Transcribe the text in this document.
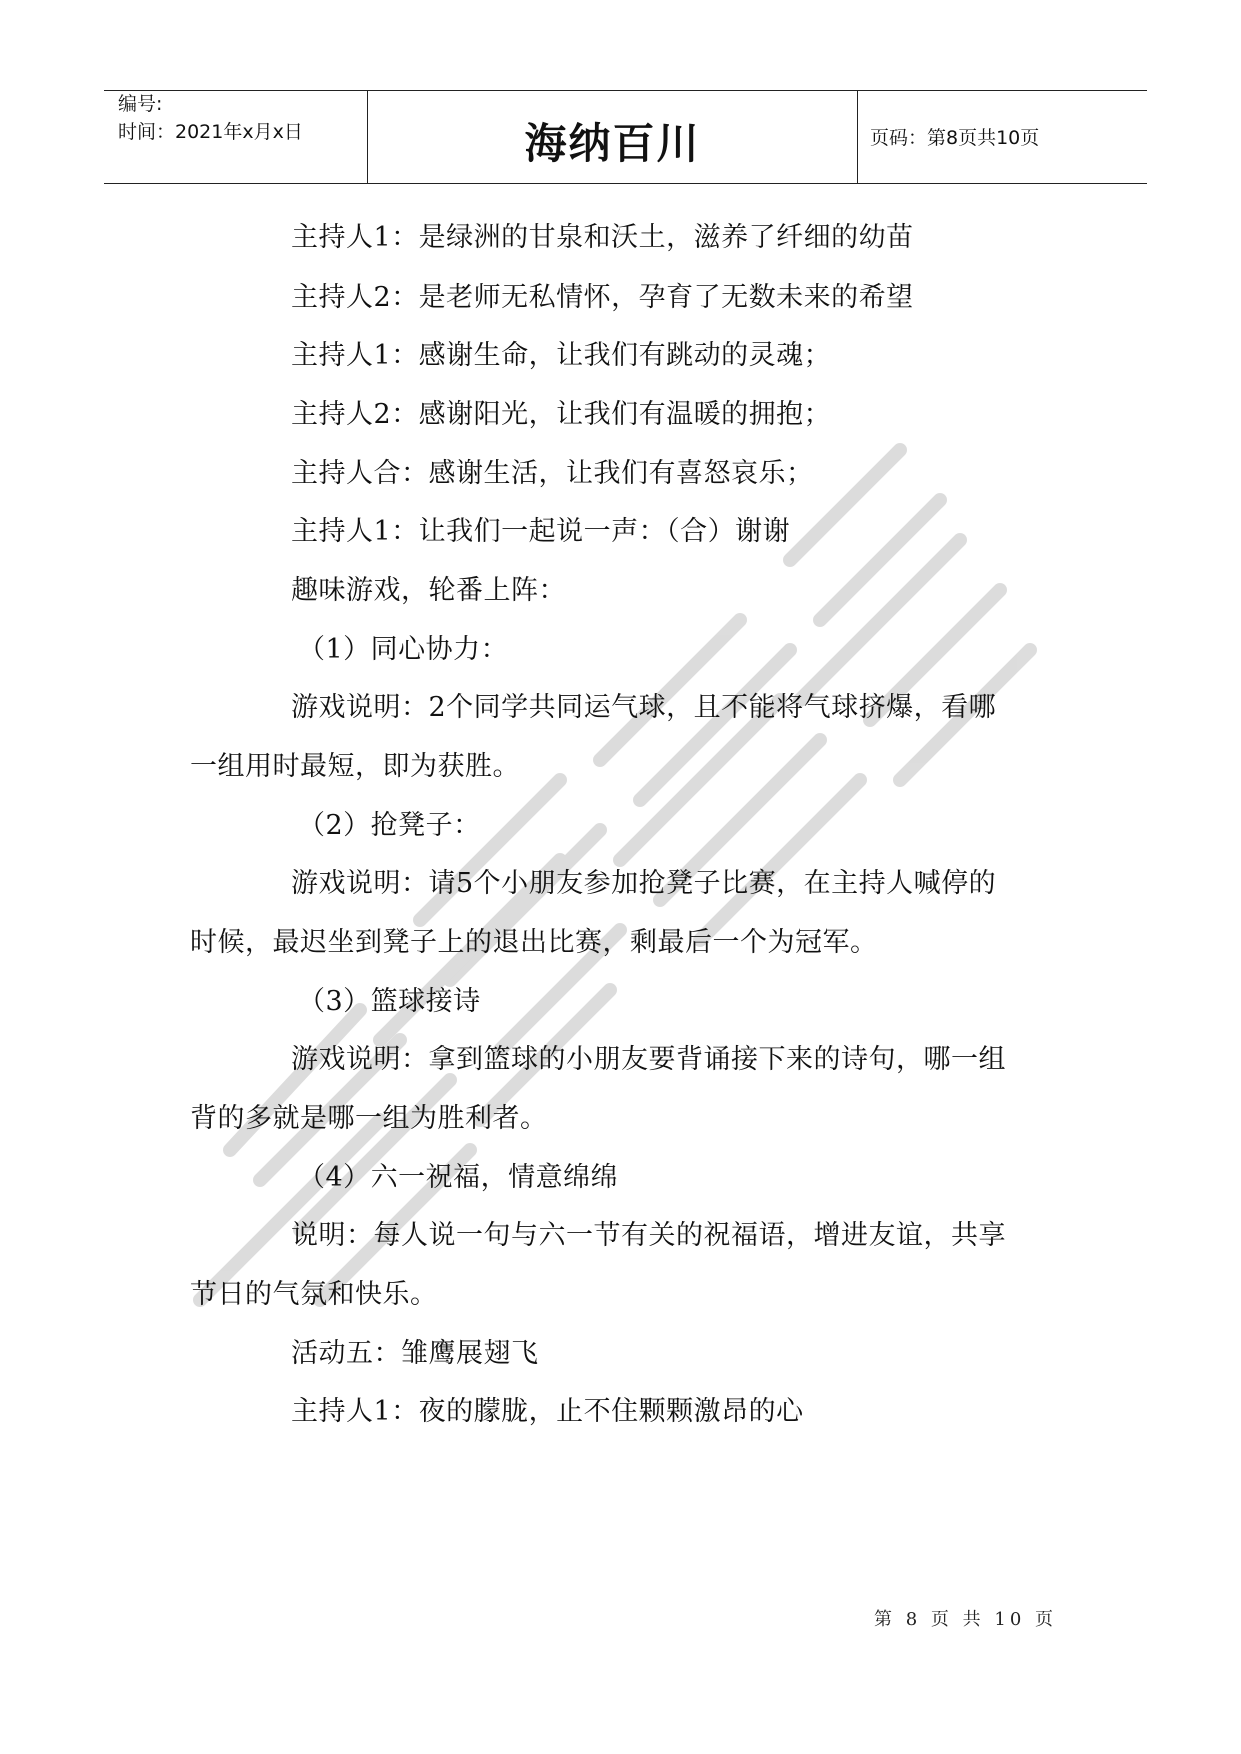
编号:
时间：2021年x月x日	海纳百川	页码：第8页共10页
主持人1：是绿洲的甘泉和沃土，滋养了纤细的幼苗
主持人2：是老师无私情怀，孕育了无数未来的希望
主持人1：感谢生命，让我们有跳动的灵魂；
主持人2：感谢阳光，让我们有温暖的拥抱；
主持人合：感谢生活，让我们有喜怒哀乐；
主持人1：让我们一起说一声：（合）谢谢
趣味游戏，轮番上阵：
（1）同心协力：
游戏说明：2个同学共同运气球，且不能将气球挤爆，看哪
一组用时最短，即为获胜。
（2）抢凳子：
游戏说明：请5个小朋友参加抢凳子比赛，在主持人喊停的
时候，最迟坐到凳子上的退出比赛，剩最后一个为冠军。
（3）篮球接诗
游戏说明：拿到篮球的小朋友要背诵接下来的诗句，哪一组
背的多就是哪一组为胜利者。
（4）六一祝福，情意绵绵
说明：每人说一句与六一节有关的祝福语，增进友谊，共享
节日的气氛和快乐。
活动五：雏鹰展翅飞
主持人1：夜的朦胧，止不住颗颗激昂的心
第 8 页 共 10 页
